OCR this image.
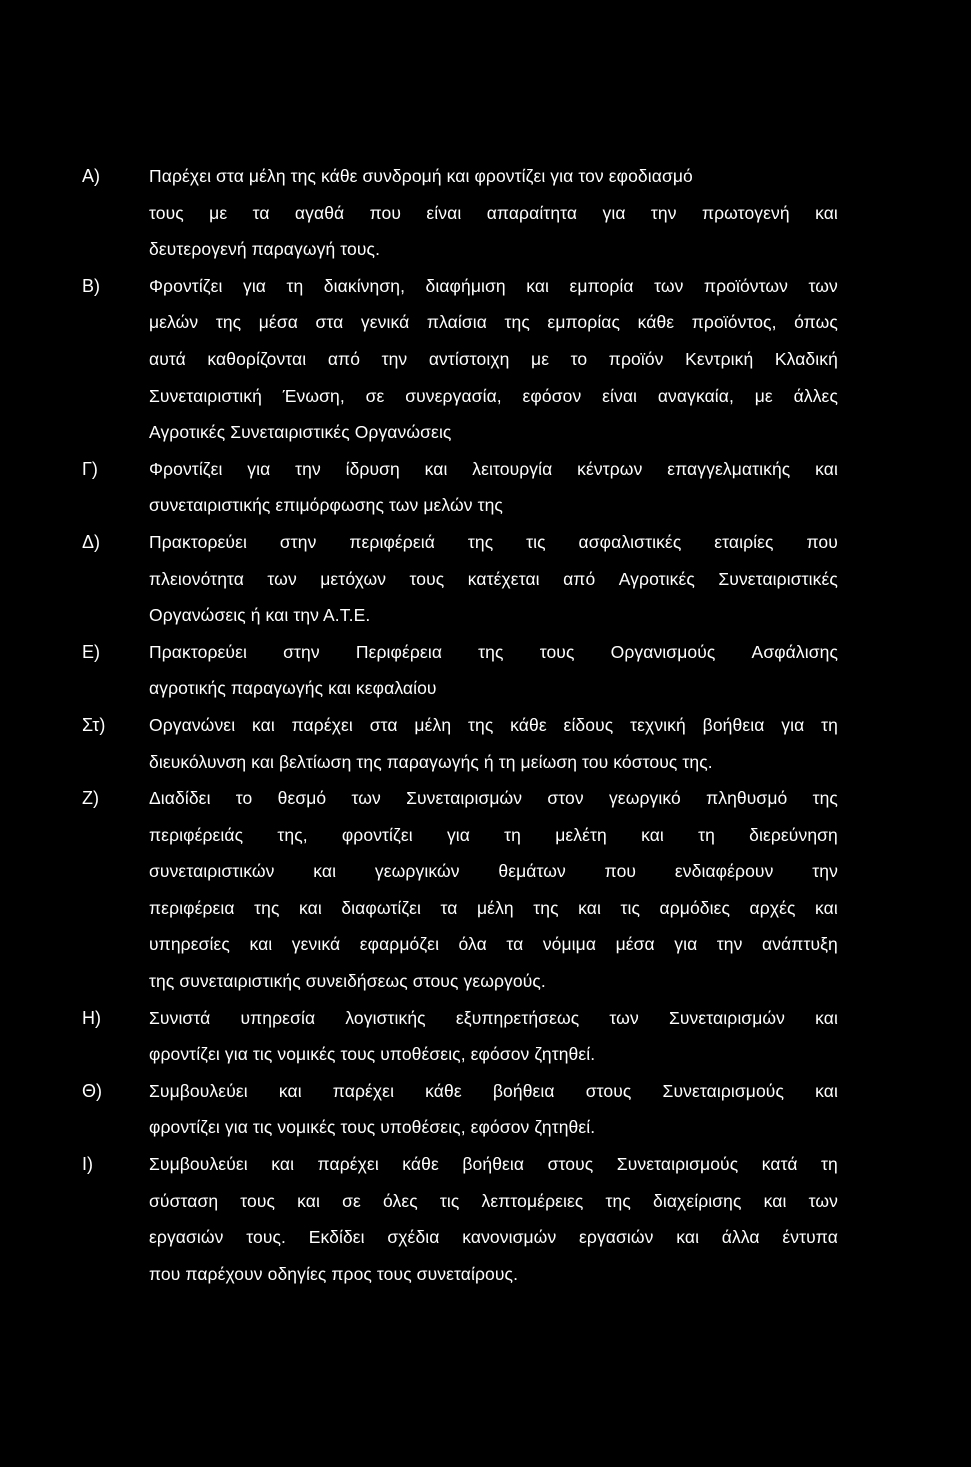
Α)	Παρέχει στα μέλη της κάθε συνδρομή και φροντίζει για τον εφοδιασμό
τους με τα αγαθά που είναι απαραίτητα για την πρωτογενή και
δευτερογενή παραγωγή τους.
Β)	Φροντίζει για τη διακίνηση, διαφήμιση και εμπορία των προϊόντων των
μελών της μέσα στα γενικά πλαίσια της εμπορίας κάθε προϊόντος, όπως
αυτά καθορίζονται από την αντίστοιχη με το προϊόν Κεντρική Κλαδική
Συνεταιριστική Ένωση, σε συνεργασία, εφόσον είναι αναγκαία, με άλλες
Αγροτικές Συνεταιριστικές Οργανώσεις
Γ)	Φροντίζει για την ίδρυση και λειτουργία κέντρων επαγγελματικής και
συνεταιριστικής επιμόρφωσης των μελών της
Δ)	Πρακτορεύει στην περιφέρειά της τις ασφαλιστικές εταιρίες που
πλειονότητα των μετόχων τους κατέχεται από Αγροτικές Συνεταιριστικές
Οργανώσεις ή και την Α.Τ.Ε.
Ε)	Πρακτορεύει στην Περιφέρεια της τους Οργανισμούς Ασφάλισης
αγροτικής παραγωγής και κεφαλαίου
Στ)	Οργανώνει και παρέχει στα μέλη της κάθε είδους τεχνική βοήθεια για τη
διευκόλυνση και βελτίωση της παραγωγής ή τη μείωση του κόστους της.
Ζ)	Διαδίδει το θεσμό των Συνεταιρισμών στον γεωργικό πληθυσμό της
περιφέρειάς της, φροντίζει για τη μελέτη και τη διερεύνηση
συνεταιριστικών και γεωργικών θεμάτων που ενδιαφέρουν την
περιφέρεια της και διαφωτίζει τα μέλη της και τις αρμόδιες αρχές και
υπηρεσίες και γενικά εφαρμόζει όλα τα νόμιμα μέσα για την ανάπτυξη
της συνεταιριστικής συνειδήσεως στους γεωργούς.
Η)	Συνιστά υπηρεσία λογιστικής εξυπηρετήσεως των Συνεταιρισμών και
φροντίζει για τις νομικές τους υποθέσεις, εφόσον ζητηθεί.
Θ)	Συμβουλεύει και παρέχει κάθε βοήθεια στους Συνεταιρισμούς και
φροντίζει για τις νομικές τους υποθέσεις, εφόσον ζητηθεί.
Ι)	Συμβουλεύει και παρέχει κάθε βοήθεια στους Συνεταιρισμούς κατά τη
σύσταση τους και σε όλες τις λεπτομέρειες της διαχείρισης και των
εργασιών τους. Εκδίδει σχέδια κανονισμών εργασιών και άλλα έντυπα
που παρέχουν οδηγίες προς τους συνεταίρους.
